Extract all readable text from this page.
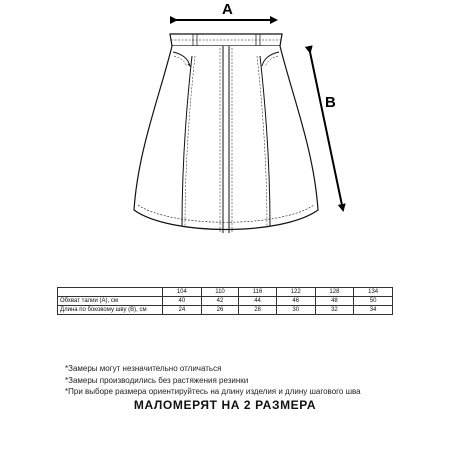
A
B
	104	110	116	122	128	134
Обхват талии (А), см	40	42	44	46	48	50
Длина по боковому шву (В), см	24	26	28	30	32	34
*Замеры могут незначительно отличаться
*Замеры производились без растяжения резинки
*При выборе размера ориентируйтесь на длину изделия и длину шагового шва
МАЛОМЕРЯТ НА 2 РАЗМЕРА
